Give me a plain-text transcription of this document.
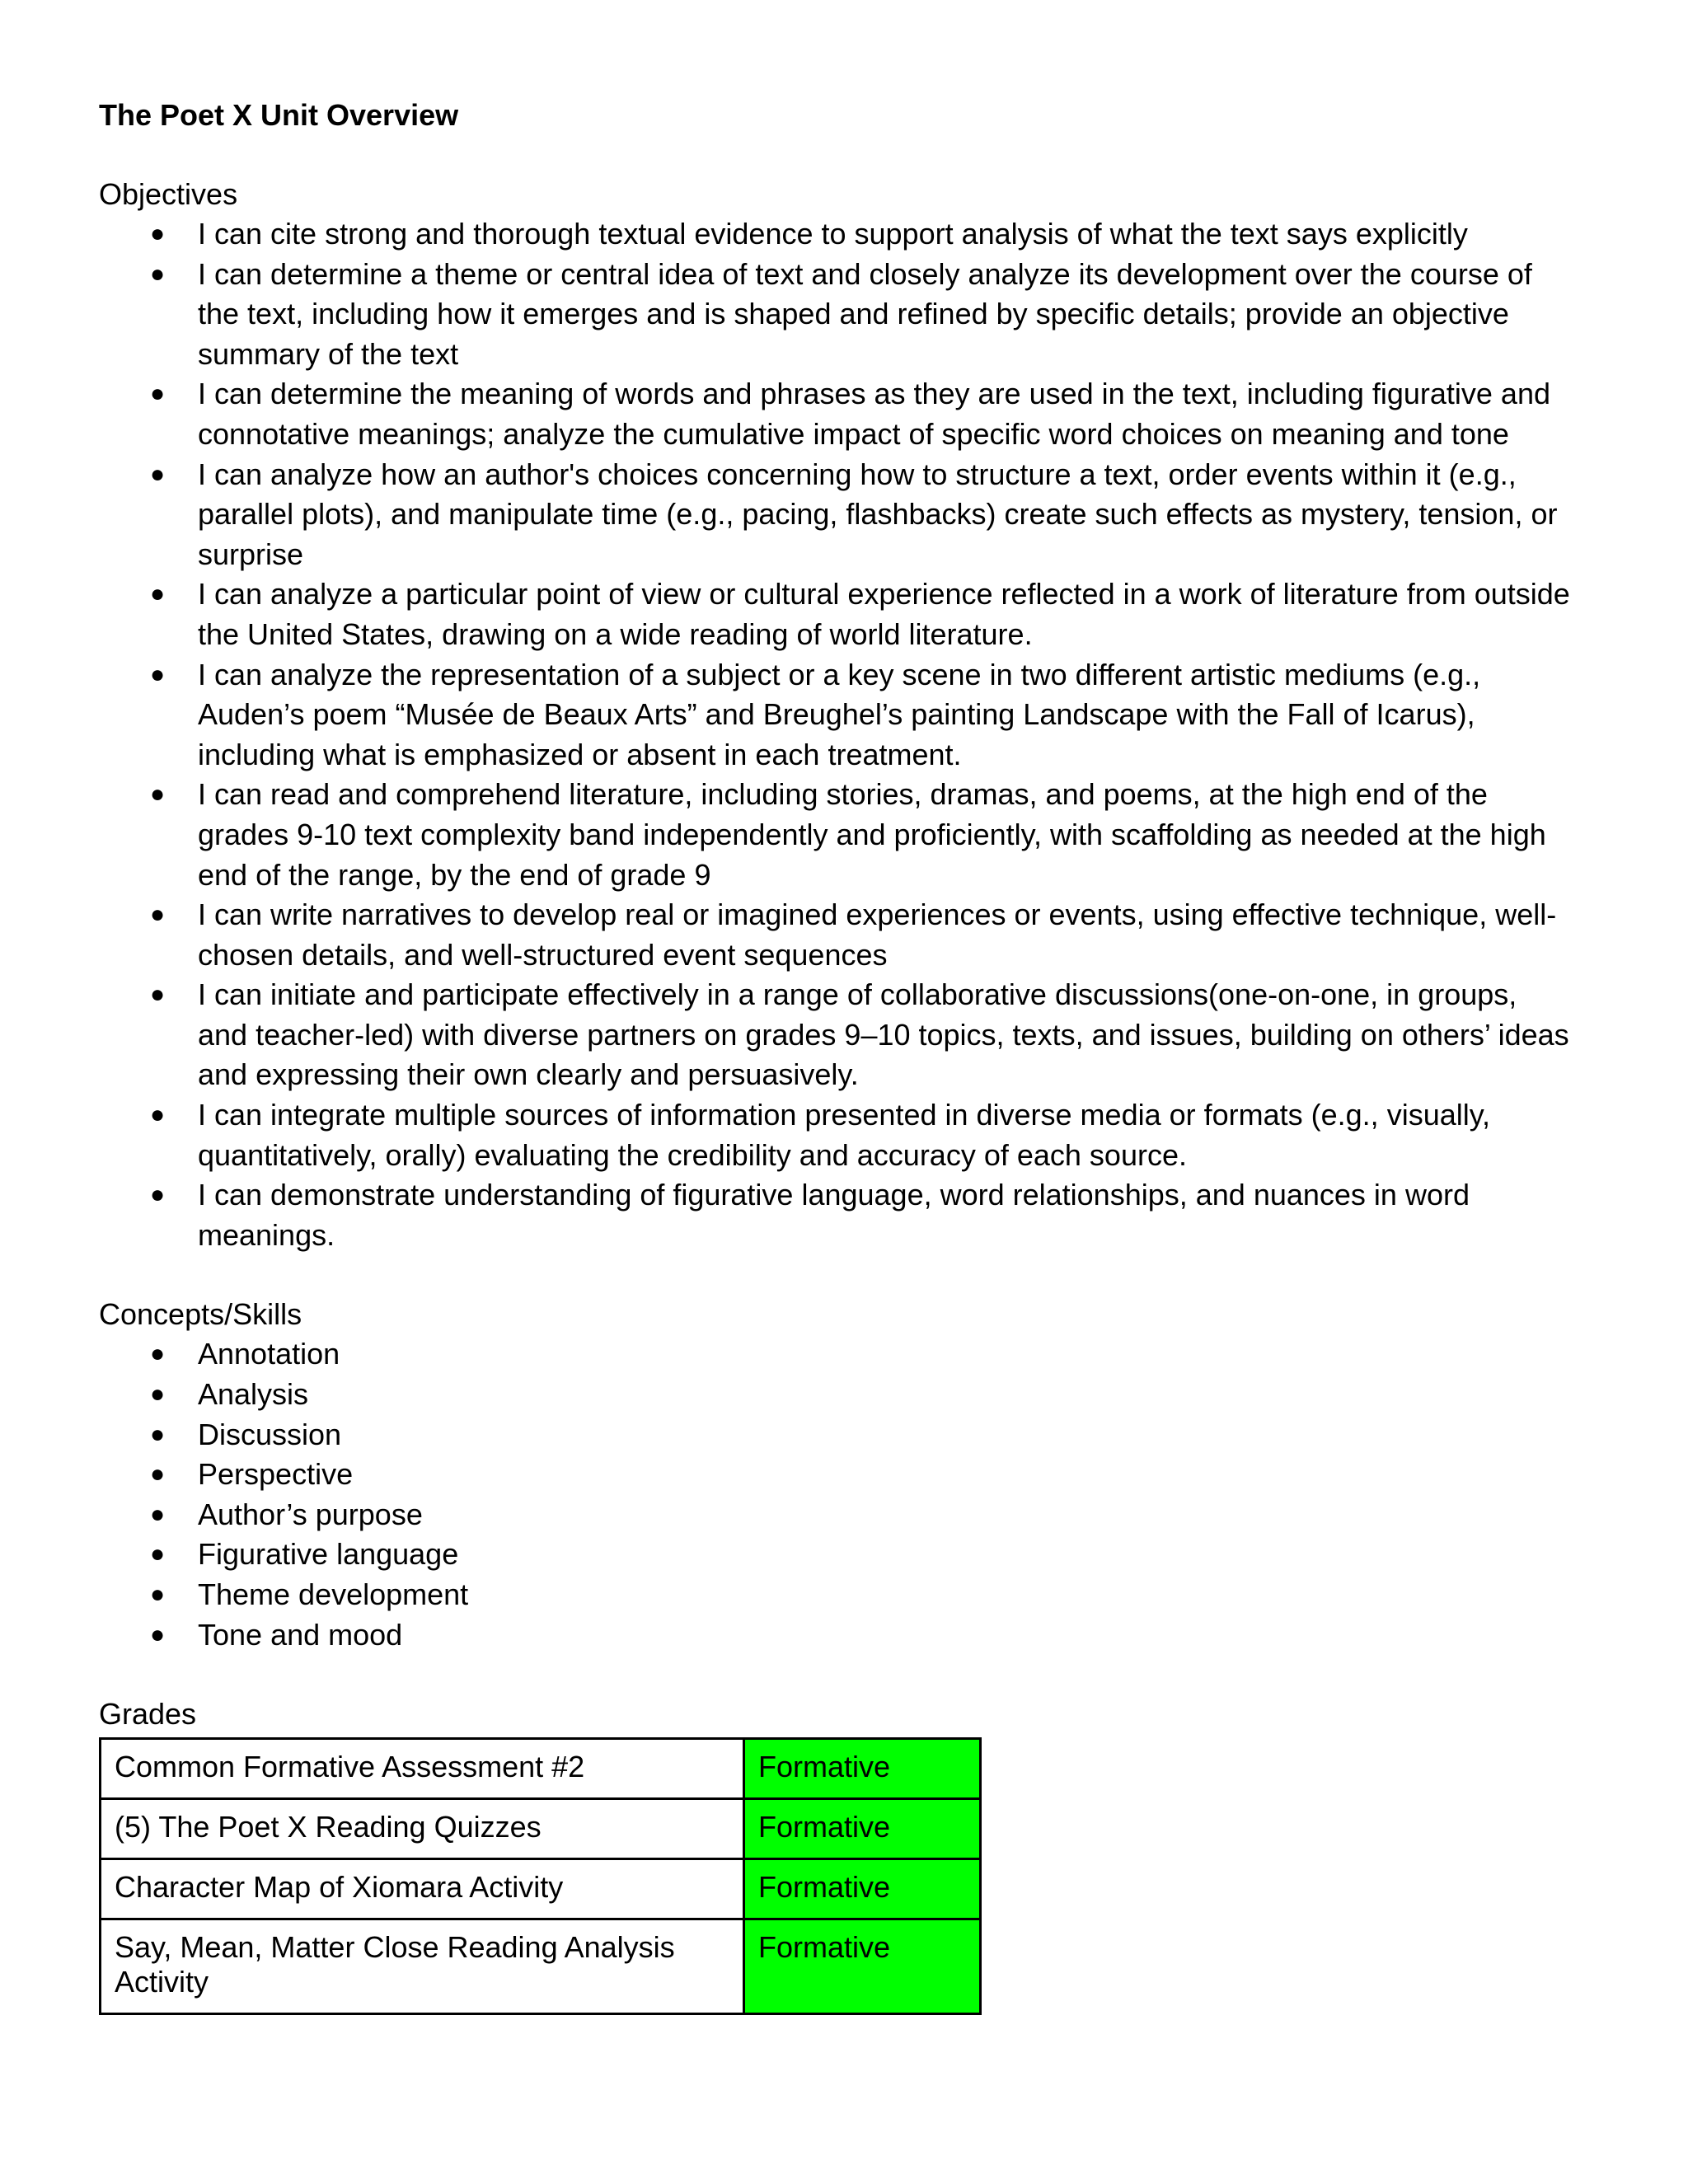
The Poet X Unit Overview

Objectives

● I can cite strong and thorough textual evidence to support analysis of what the text says explicitly
● I can determine a theme or central idea of text and closely analyze its development over the course of the text, including how it emerges and is shaped and refined by specific details; provide an objective summary of the text
● I can determine the meaning of words and phrases as they are used in the text, including figurative and connotative meanings; analyze the cumulative impact of specific word choices on meaning and tone
● I can analyze how an author's choices concerning how to structure a text, order events within it (e.g., parallel plots), and manipulate time (e.g., pacing, flashbacks) create such effects as mystery, tension, or surprise
● I can analyze a particular point of view or cultural experience reflected in a work of literature from outside the United States, drawing on a wide reading of world literature.
● I can analyze the representation of a subject or a key scene in two different artistic mediums (e.g., Auden’s poem “Musée de Beaux Arts” and Breughel’s painting Landscape with the Fall of Icarus), including what is emphasized or absent in each treatment.
● I can read and comprehend literature, including stories, dramas, and poems, at the high end of the grades 9-10 text complexity band independently and proficiently, with scaffolding as needed at the high end of the range, by the end of grade 9
● I can write narratives to develop real or imagined experiences or events, using effective technique, well-chosen details, and well-structured event sequences
● I can initiate and participate effectively in a range of collaborative discussions(one-on-one, in groups, and teacher-led) with diverse partners on grades 9–10 topics, texts, and issues, building on others’ ideas and expressing their own clearly and persuasively.
● I can integrate multiple sources of information presented in diverse media or formats (e.g., visually, quantitatively, orally) evaluating the credibility and accuracy of each source.
● I can demonstrate understanding of figurative language, word relationships, and nuances in word meanings.

Concepts/Skills

● Annotation
● Analysis
● Discussion
● Perspective
● Author’s purpose
● Figurative language
● Theme development
● Tone and mood

Grades

Common Formative Assessment #2	Formative
(5) The Poet X Reading Quizzes	Formative
Character Map of Xiomara Activity	Formative
Say, Mean, Matter Close Reading Analysis Activity	Formative
